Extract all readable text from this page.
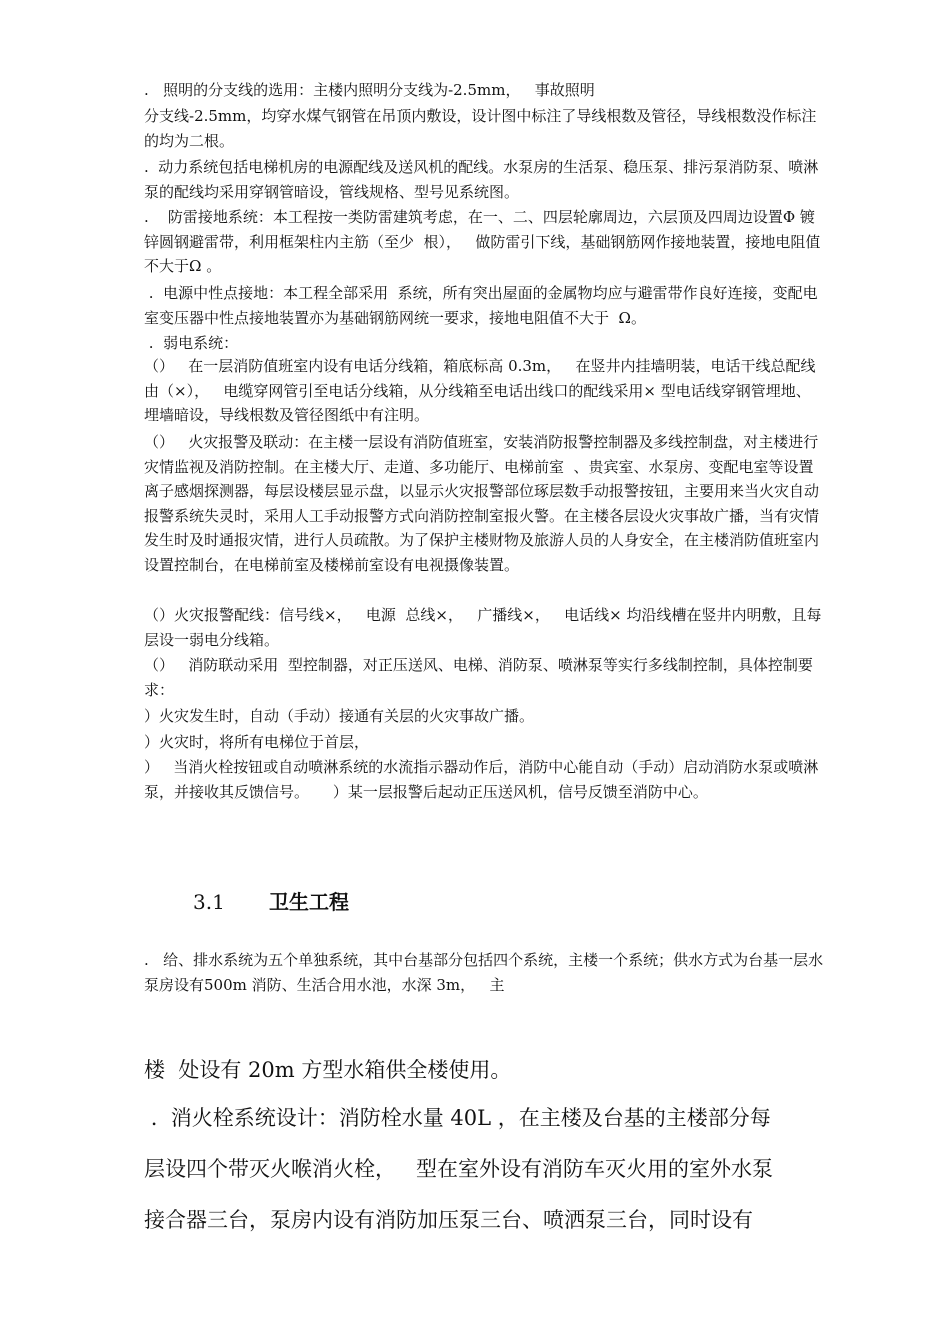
.   照明的分支线的选用：主楼内照明分支线为-2.5mm，   事故照明

分支线-2.5mm，均穿水煤气钢管在吊顶内敷设，设计图中标注了导线根数及管径，导线根数没作标注的均为二根。

.  动力系统包括电梯机房的电源配线及送风机的配线。水泵房的生活泵、稳压泵、排污泵消防泵、喷淋泵的配线均采用穿钢管暗设，管线规格、型号见系统图。

.    防雷接地系统：本工程按一类防雷建筑考虑，在一、二、四层轮廓周边，六层顶及四周边设置Φ 镀锌圆钢避雷带，利用框架柱内主筋（至少  根），   做防雷引下线，基础钢筋网作接地装置，接地电阻值不大于Ω 。

.  电源中性点接地：本工程全部采用  系统，所有突出屋面的金属物均应与避雷带作良好连接，变配电室变压器中性点接地装置亦为基础钢筋网统一要求，接地电阻值不大于  Ω。

.  弱电系统：

（）   在一层消防值班室内设有电话分线箱，箱底标高 0.3m，   在竖井内挂墙明装，电话干线总配线由（×），   电缆穿网管引至电话分线箱，从分线箱至电话出线口的配线采用× 型电话线穿钢管埋地、埋墙暗设，导线根数及管径图纸中有注明。

（）   火灾报警及联动：在主楼一层设有消防值班室，安装消防报警控制器及多线控制盘，对主楼进行灾情监视及消防控制。在主楼大厅、走道、多功能厅、电梯前室  、贵宾室、水泵房、变配电室等设置离子感烟探测器，每层设楼层显示盘，以显示火灾报警部位琢层数手动报警按钮，主要用来当火灾自动报警系统失灵时，采用人工手动报警方式向消防控制室报火警。在主楼各层设火灾事故广播，当有灾情发生时及时通报灾情，进行人员疏散。为了保护主楼财物及旅游人员的人身安全，在主楼消防值班室内设置控制台，在电梯前室及楼梯前室设有电视摄像装置。

（）火灾报警配线：信号线×，   电源  总线×，   广播线×，   电话线× 均沿线槽在竖井内明敷，且每层设一弱电分线箱。

（）   消防联动采用  型控制器，对正压送风、电梯、消防泵、喷淋泵等实行多线制控制，具体控制要求：

）火灾发生时，自动（手动）接通有关层的火灾事故广播。

）火灾时，将所有电梯位于首层，

）   当消火栓按钮或自动喷淋系统的水流指示器动作后，消防中心能自动（手动）启动消防水泵或喷淋泵，并接收其反馈信号。     ）某一层报警后起动正压送风机，信号反馈至消防中心。

3.1 卫生工程

.   给、排水系统为五个单独系统，其中台基部分包括四个系统，主楼一个系统；供水方式为台基一层水泵房设有500m 消防、生活合用水池，水深 3m，   主

楼  处设有 20m 方型水箱供全楼使用。

.  消火栓系统设计：消防栓水量 40L ，在主楼及台基的主楼部分每

层设四个带灭火喉消火栓，   型在室外设有消防车灭火用的室外水泵

接合器三台，泵房内设有消防加压泵三台、喷洒泵三台，同时设有
